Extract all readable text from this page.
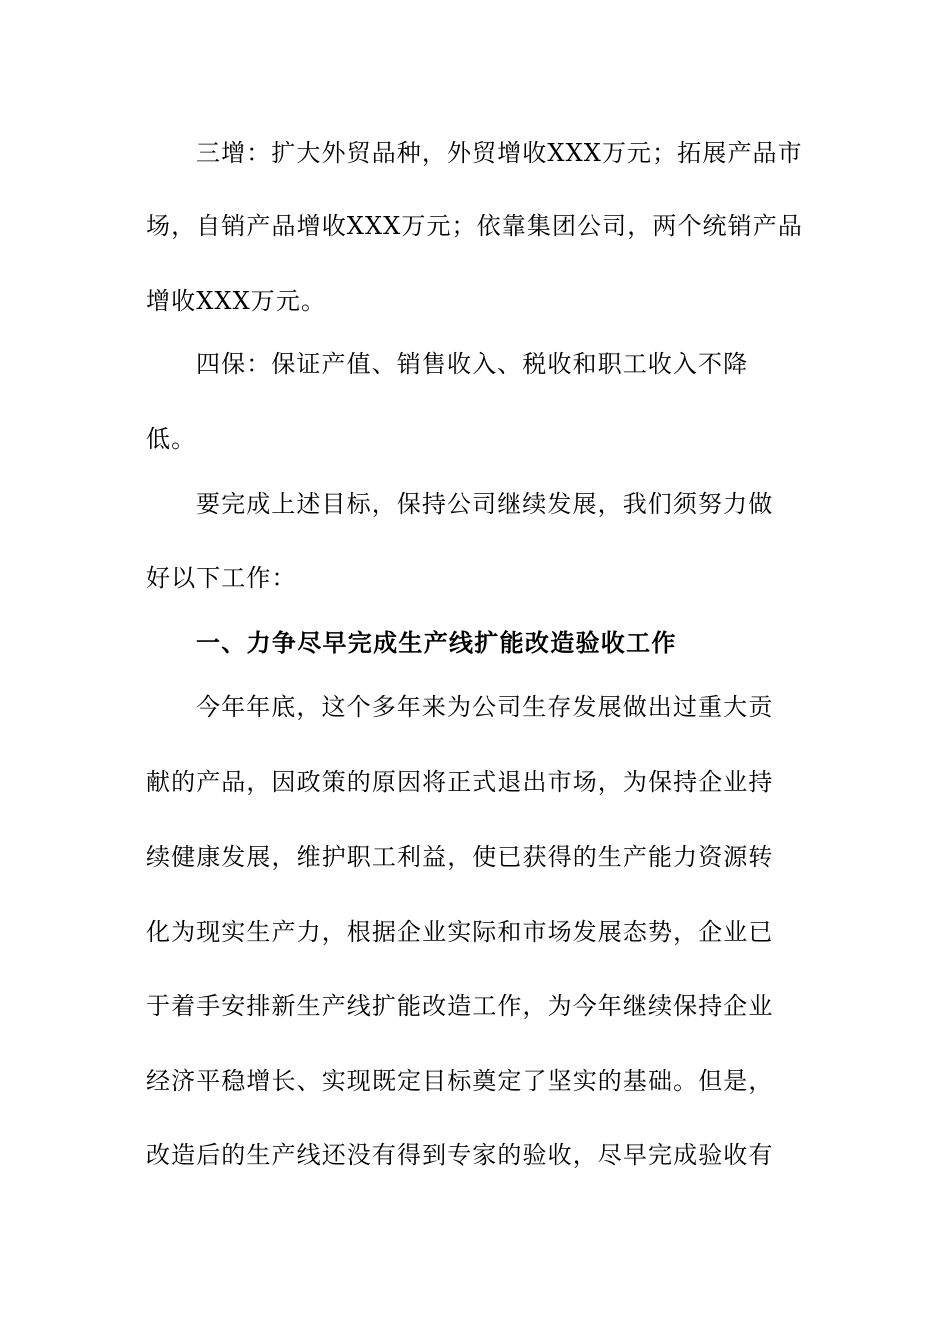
三增：扩大外贸品种，外贸增收XXX万元；拓展产品市
场，自销产品增收XXX万元；依靠集团公司，两个统销产品
增收XXX万元。
四保：保证产值、销售收入、税收和职工收入不降
低。
要完成上述目标，保持公司继续发展，我们须努力做
好以下工作：
一、力争尽早完成生产线扩能改造验收工作
今年年底，这个多年来为公司生存发展做出过重大贡
献的产品，因政策的原因将正式退出市场，为保持企业持
续健康发展，维护职工利益，使已获得的生产能力资源转
化为现实生产力，根据企业实际和市场发展态势，企业已
于着手安排新生产线扩能改造工作，为今年继续保持企业
经济平稳增长、实现既定目标奠定了坚实的基础。但是，
改造后的生产线还没有得到专家的验收，尽早完成验收有
